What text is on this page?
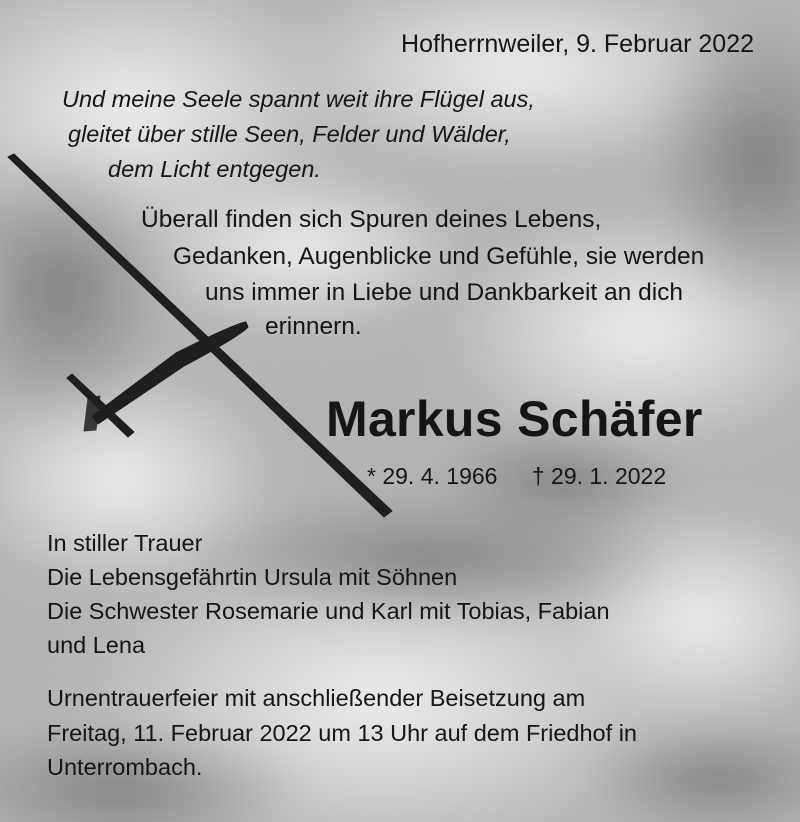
Hofherrnweiler, 9. Februar 2022

Und meine Seele spannt weit ihre Flügel aus,

gleitet über stille Seen, Felder und Wälder,

dem Licht entgegen.

Überall finden sich Spuren deines Lebens,

Gedanken, Augenblicke und Gefühle, sie werden

uns immer in Liebe und Dankbarkeit an dich

erinnern.

Markus Schäfer

* 29. 4. 1966 † 29. 1. 2022

In stiller Trauer

Die Lebensgefährtin Ursula mit Söhnen

Die Schwester Rosemarie und Karl mit Tobias, Fabian

und Lena

Urnentrauerfeier mit anschließender Beisetzung am

Freitag, 11. Februar 2022 um 13 Uhr auf dem Friedhof in

Unterrombach.
